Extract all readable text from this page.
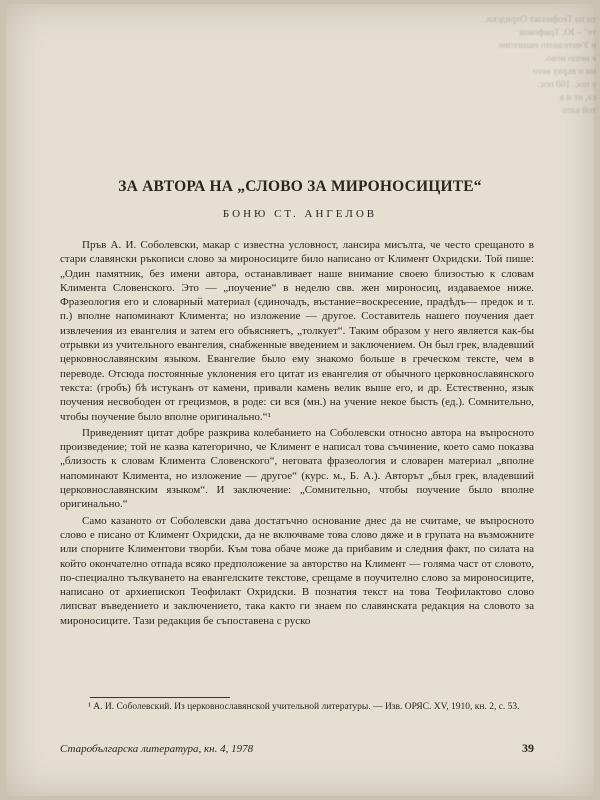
ти на Теофилакт Охридски.
те" – Ю. Трифонов
в Учителното евангелие
е нещо ново.
ни и върху него
е пос. 160 пос.
се, от и в
той като
ЗА АВТОРА НА „СЛОВО ЗА МИРОНОСИЦИТЕ“
БОНЮ СТ. АНГЕЛОВ

Пръв А. И. Соболевски, макар с известна условност, лансира мисълта, че често срещаното в стари славянски ръкописи слово за мироносиците било написано от Климент Охридски. Той пише: „Один памятник, без имени автора, останавливает наше внимание своею близостью к словам Климента Словенского. Это — „поучение“ в неделю свв. жен мироносиц, издаваемое ниже. Фразеология его и словарный материал (єдиночадъ, въстание=воскресение, прадѣдъ— предок и т. п.) вполне напоминают Климента; но изложение — другое. Составитель нашего поучения дает извлечения из евангелия и затем его объясняетъ, „толкует“. Таким образом у него является как-бы отрывки из учительного евангелия, снабженные введением и заключением. Он был грек, владевший церковнославянским языком. Евангелие было ему знакомо больше в греческом тексте, чем в переводе. Отсюда постоянные уклонения его цитат из евангелия от обычного церковнославянского текста: (гробъ) бѣ истуканъ от камени, привали камень велик выше его, и др. Естественно, язык поучения несвободен от грецизмов, в роде: си вся (мн.) на учение некое бысть (ед.). Сомнительно, чтобы поучение было вполне оригинально.“¹

Приведеният цитат добре разкрива колебанието на Соболевски относно автора на въпросното произведение; той не казва категорично, че Климент е написал това съчинение, което само показва „близость к словам Климента Словенского“, неговата фразеология и словарен материал „вполне напоминают Климента, но изложение — другое“ (курс. м., Б. А.). Авторът „был грек, владевший церковнославянским языком“. И заключение: „Сомнительно, чтобы поучение было вполне оригинально.“

Само казаното от Соболевски дава достатъчно основание днес да не считаме, че въпросното слово е писано от Климент Охридски, да не включваме това слово дяже и в групата на възможните или спорните Климентови творби. Към това обаче може да прибавим и следния факт, по силата на който окончателно отпада всяко предположение за авторство на Климент — голяма част от словото, по-специално тълкуването на евангелските текстове, срещаме в поучително слово за мироносиците, написано от архиепископ Теофилакт Охридски. В познатия текст на това Теофилактово слово липсват въведението и заключението, така както ги знаем по славянската редакция на словото за мироносиците. Тази редакция бе съпоставена с руско

¹ А. И. Соболевский. Из церковнославянской учительной литературы. — Изв. ОРЯС. XV, 1910, кн. 2, с. 53.
Старобългарска литература, кн. 4, 1978	39
